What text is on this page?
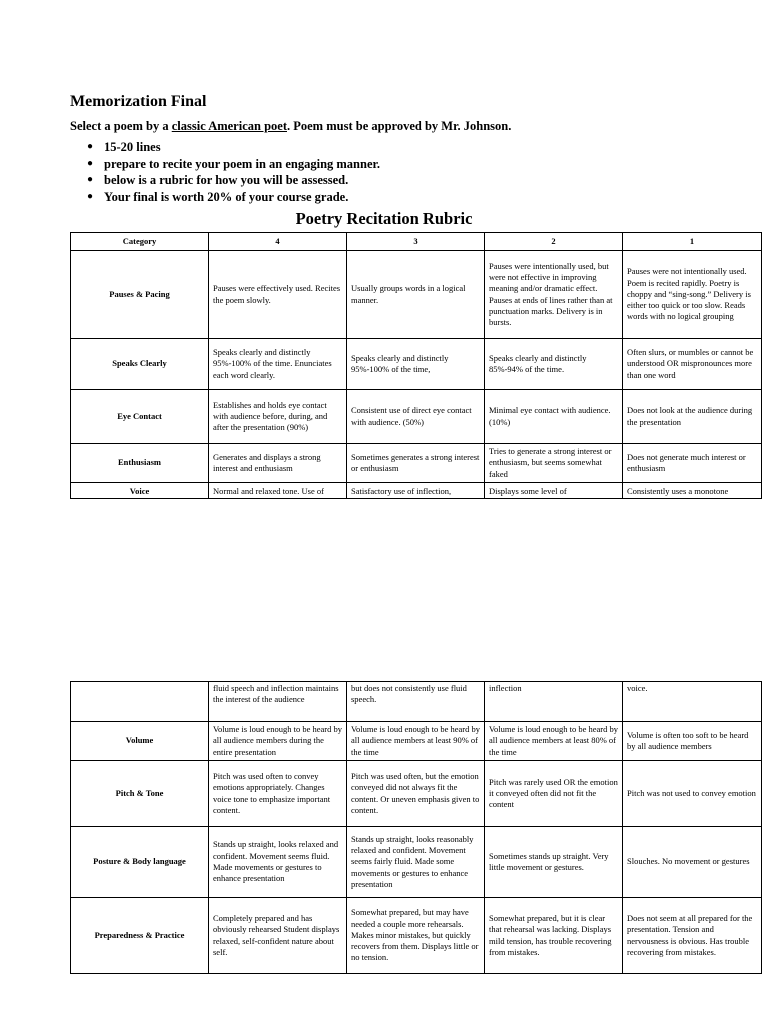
Memorization Final
Select a poem by a classic American poet. Poem must be approved by Mr. Johnson.
● 15-20 lines
● prepare to recite your poem in an engaging manner.
● below is a rubric for how you will be assessed.
● Your final is worth 20% of your course grade.
Poetry Recitation Rubric
Category	4	3	2	1
Pauses & Pacing	Pauses were effectively used. Recites the poem slowly.	Usually groups words in a logical manner.	Pauses were intentionally used, but were not effective in improving meaning and/or dramatic effect. Pauses at ends of lines rather than at punctuation marks. Delivery is in bursts.	Pauses were not intentionally used. Poem is recited rapidly. Poetry is choppy and “sing-song.” Delivery is either too quick or too slow. Reads words with no logical grouping
Speaks Clearly	Speaks clearly and distinctly 95%-100% of the time. Enunciates each word clearly.	Speaks clearly and distinctly 95%-100% of the time,	Speaks clearly and distinctly 85%-94% of the time.	Often slurs, or mumbles or cannot be understood OR mispronounces more than one word
Eye Contact	Establishes and holds eye contact with audience before, during, and after the presentation (90%)	Consistent use of direct eye contact with audience. (50%)	Minimal eye contact with audience. (10%)	Does not look at the audience during the presentation
Enthusiasm	Generates and displays a strong interest and enthusiasm	Sometimes generates a strong interest or enthusiasm	Tries to generate a strong interest or enthusiasm, but seems somewhat faked	Does not generate much interest or enthusiasm
Voice	Normal and relaxed tone. Use of	Satisfactory use of inflection,	Displays some level of	Consistently uses a monotone
	fluid speech and inflection maintains the interest of the audience	but does not consistently use fluid speech.	inflection	voice.
Volume	Volume is loud enough to be heard by all audience members during the entire presentation	Volume is loud enough to be heard by all audience members at least 90% of the time	Volume is loud enough to be heard by all audience members at least 80% of the time	Volume is often too soft to be heard by all audience members
Pitch & Tone	Pitch was used often to convey emotions appropriately. Changes voice tone to emphasize important content.	Pitch was used often, but the emotion conveyed did not always fit the content. Or uneven emphasis given to content.	Pitch was rarely used OR the emotion it conveyed often did not fit the content	Pitch was not used to convey emotion
Posture & Body language	Stands up straight, looks relaxed and confident. Movement seems fluid. Made movements or gestures to enhance presentation	Stands up straight, looks reasonably relaxed and confident. Movement seems fairly fluid. Made some movements or gestures to enhance presentation	Sometimes stands up straight. Very little movement or gestures.	Slouches. No movement or gestures
Preparedness & Practice	Completely prepared and has obviously rehearsed Student displays relaxed, self-confident nature about self.	Somewhat prepared, but may have needed a couple more rehearsals. Makes minor mistakes, but quickly recovers from them. Displays little or no tension.	Somewhat prepared, but it is clear that rehearsal was lacking. Displays mild tension, has trouble recovering from mistakes.	Does not seem at all prepared for the presentation. Tension and nervousness is obvious. Has trouble recovering from mistakes.
